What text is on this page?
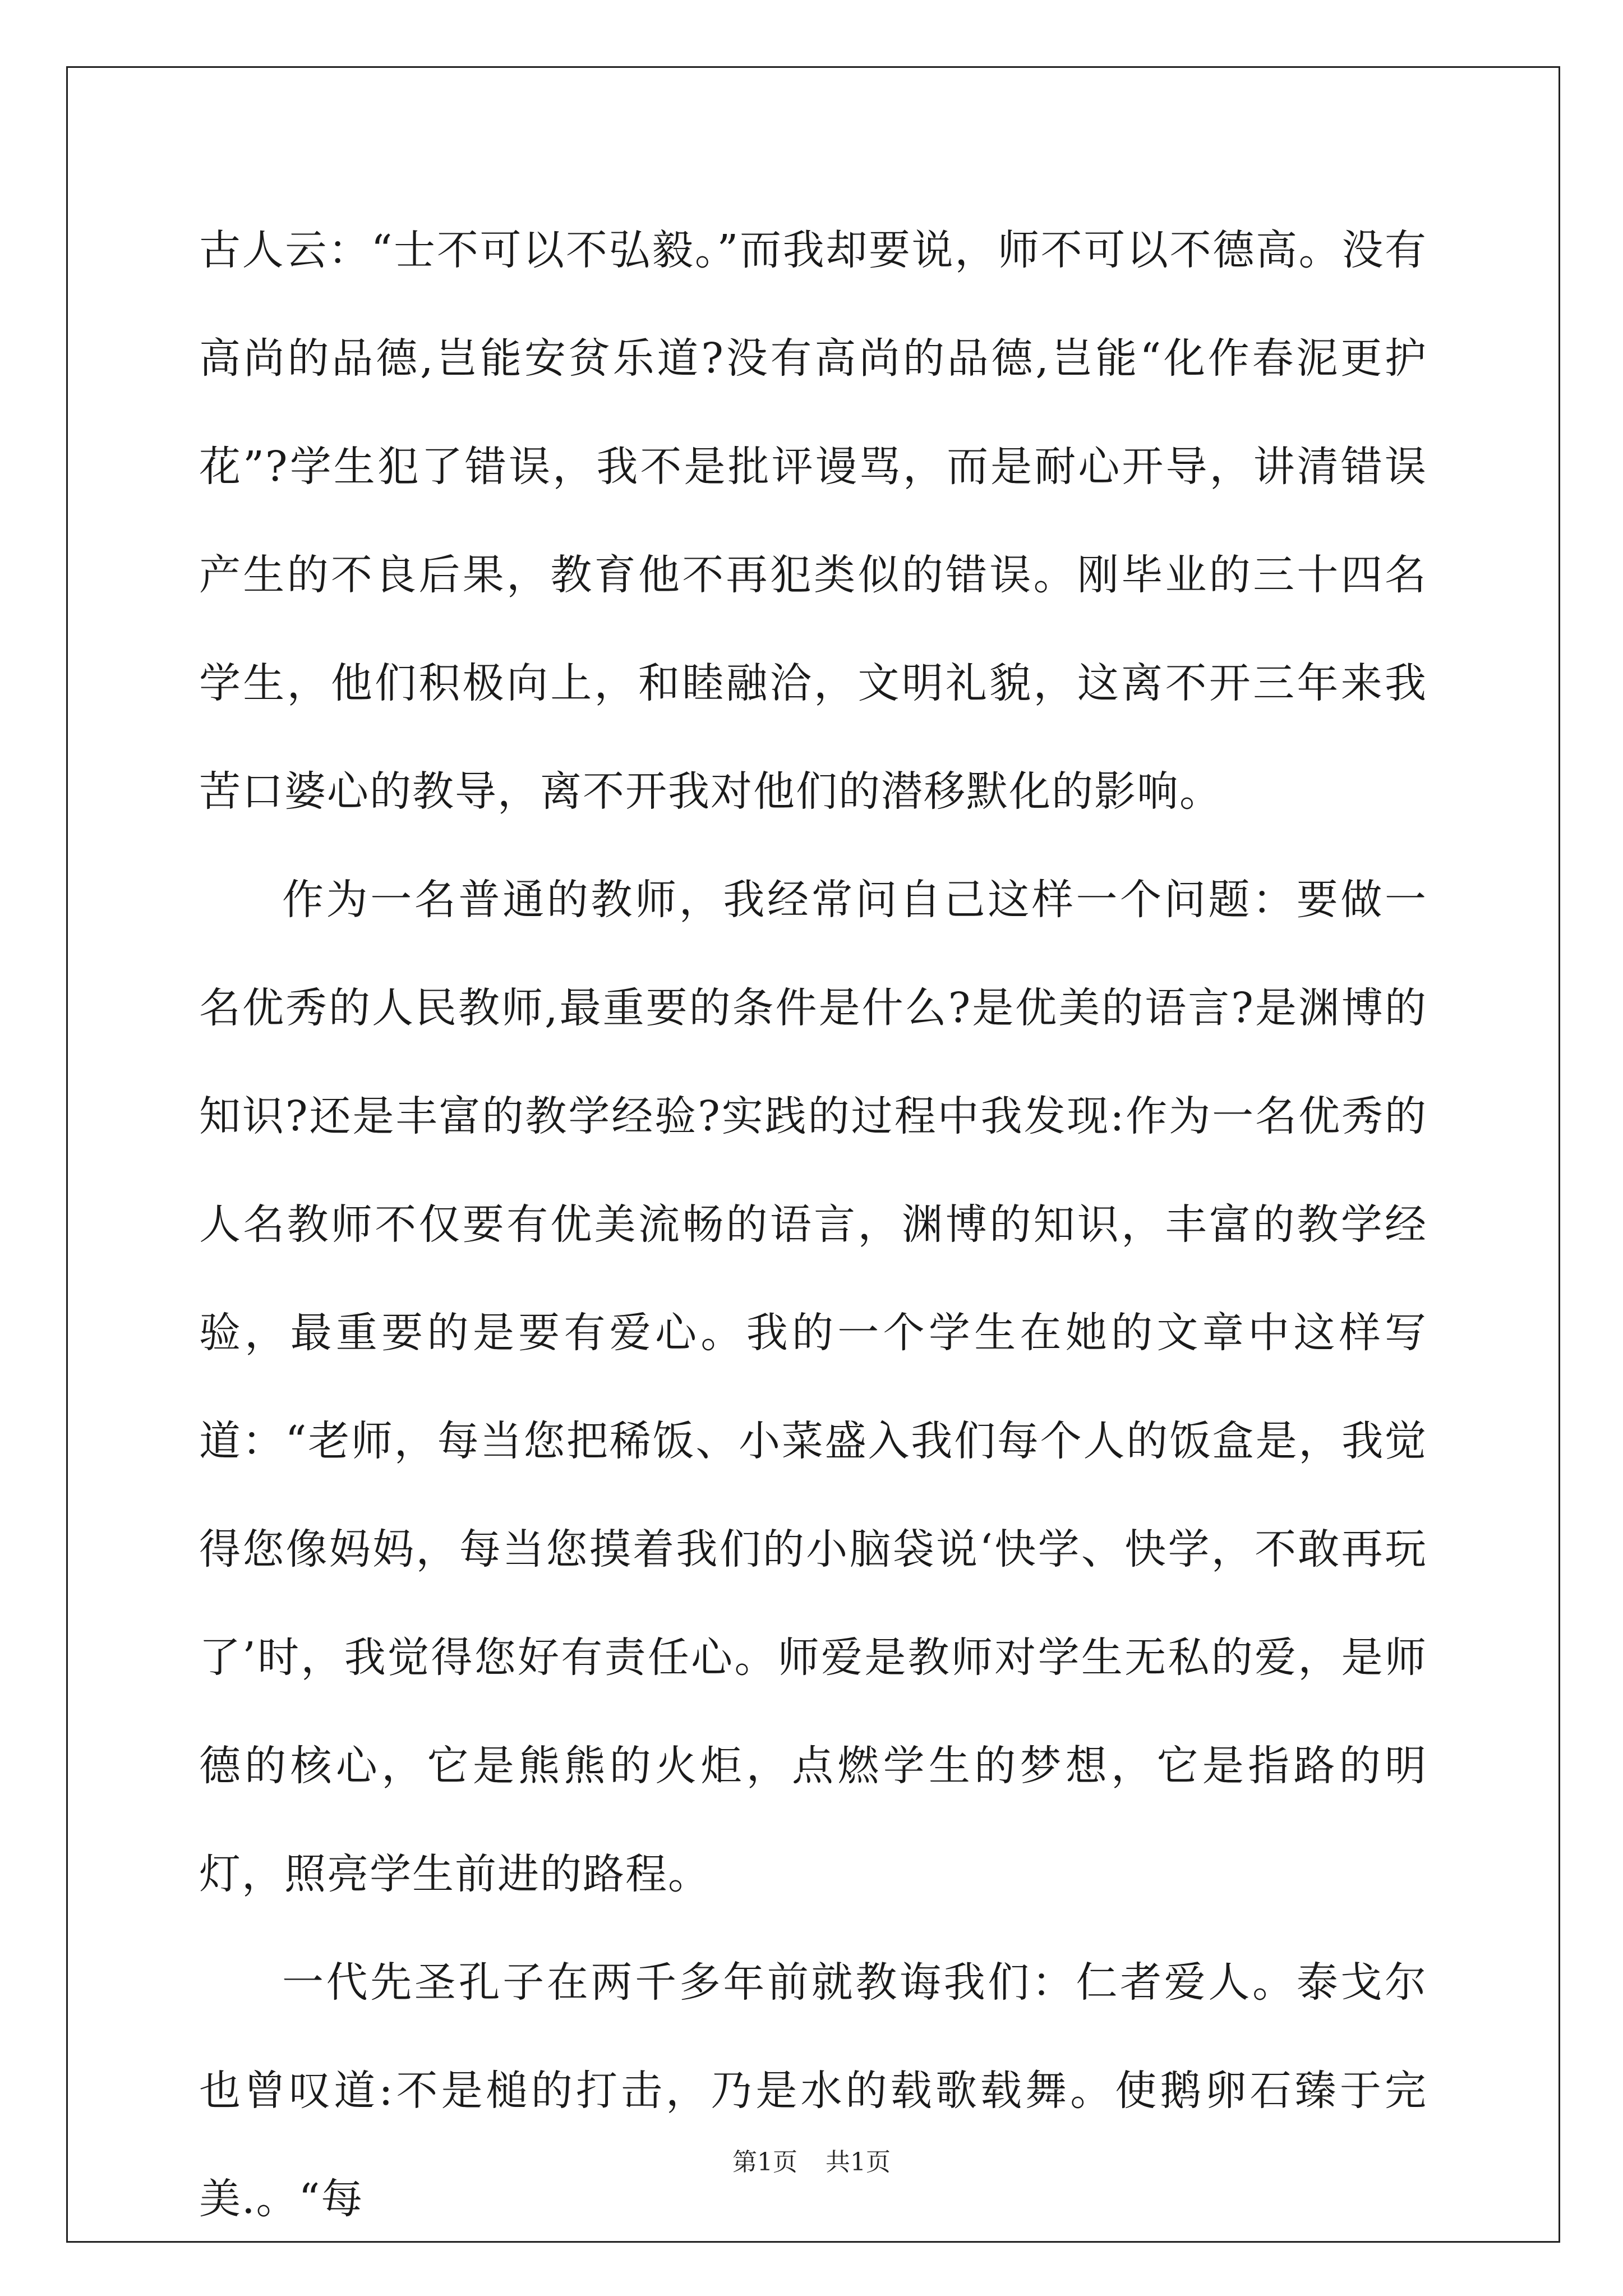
古人云：“士不可以不弘毅。”而我却要说，师不可以不德高。没有高尚的品德,岂能安贫乐道?没有高尚的品德,岂能“化作春泥更护花”?学生犯了错误，我不是批评谩骂，而是耐心开导，讲清错误产生的不良后果，教育他不再犯类似的错误。刚毕业的三十四名学生，他们积极向上，和睦融洽，文明礼貌，这离不开三年来我苦口婆心的教导，离不开我对他们的潜移默化的影响。

作为一名普通的教师，我经常问自己这样一个问题：要做一名优秀的人民教师,最重要的条件是什么?是优美的语言?是渊博的知识?还是丰富的教学经验?实践的过程中我发现:作为一名优秀的人名教师不仅要有优美流畅的语言，渊博的知识，丰富的教学经验，最重要的是要有爱心。我的一个学生在她的文章中这样写道：“老师，每当您把稀饭、小菜盛入我们每个人的饭盒是，我觉得您像妈妈，每当您摸着我们的小脑袋说‘快学、快学，不敢再玩了’时，我觉得您好有责任心。师爱是教师对学生无私的爱，是师德的核心，它是熊熊的火炬，点燃学生的梦想，它是指路的明灯，照亮学生前进的路程。

一代先圣孔子在两千多年前就教诲我们：仁者爱人。泰戈尔也曾叹道:不是槌的打击，乃是水的载歌载舞。使鹅卵石臻于完美.。“每

第1页 共1页
